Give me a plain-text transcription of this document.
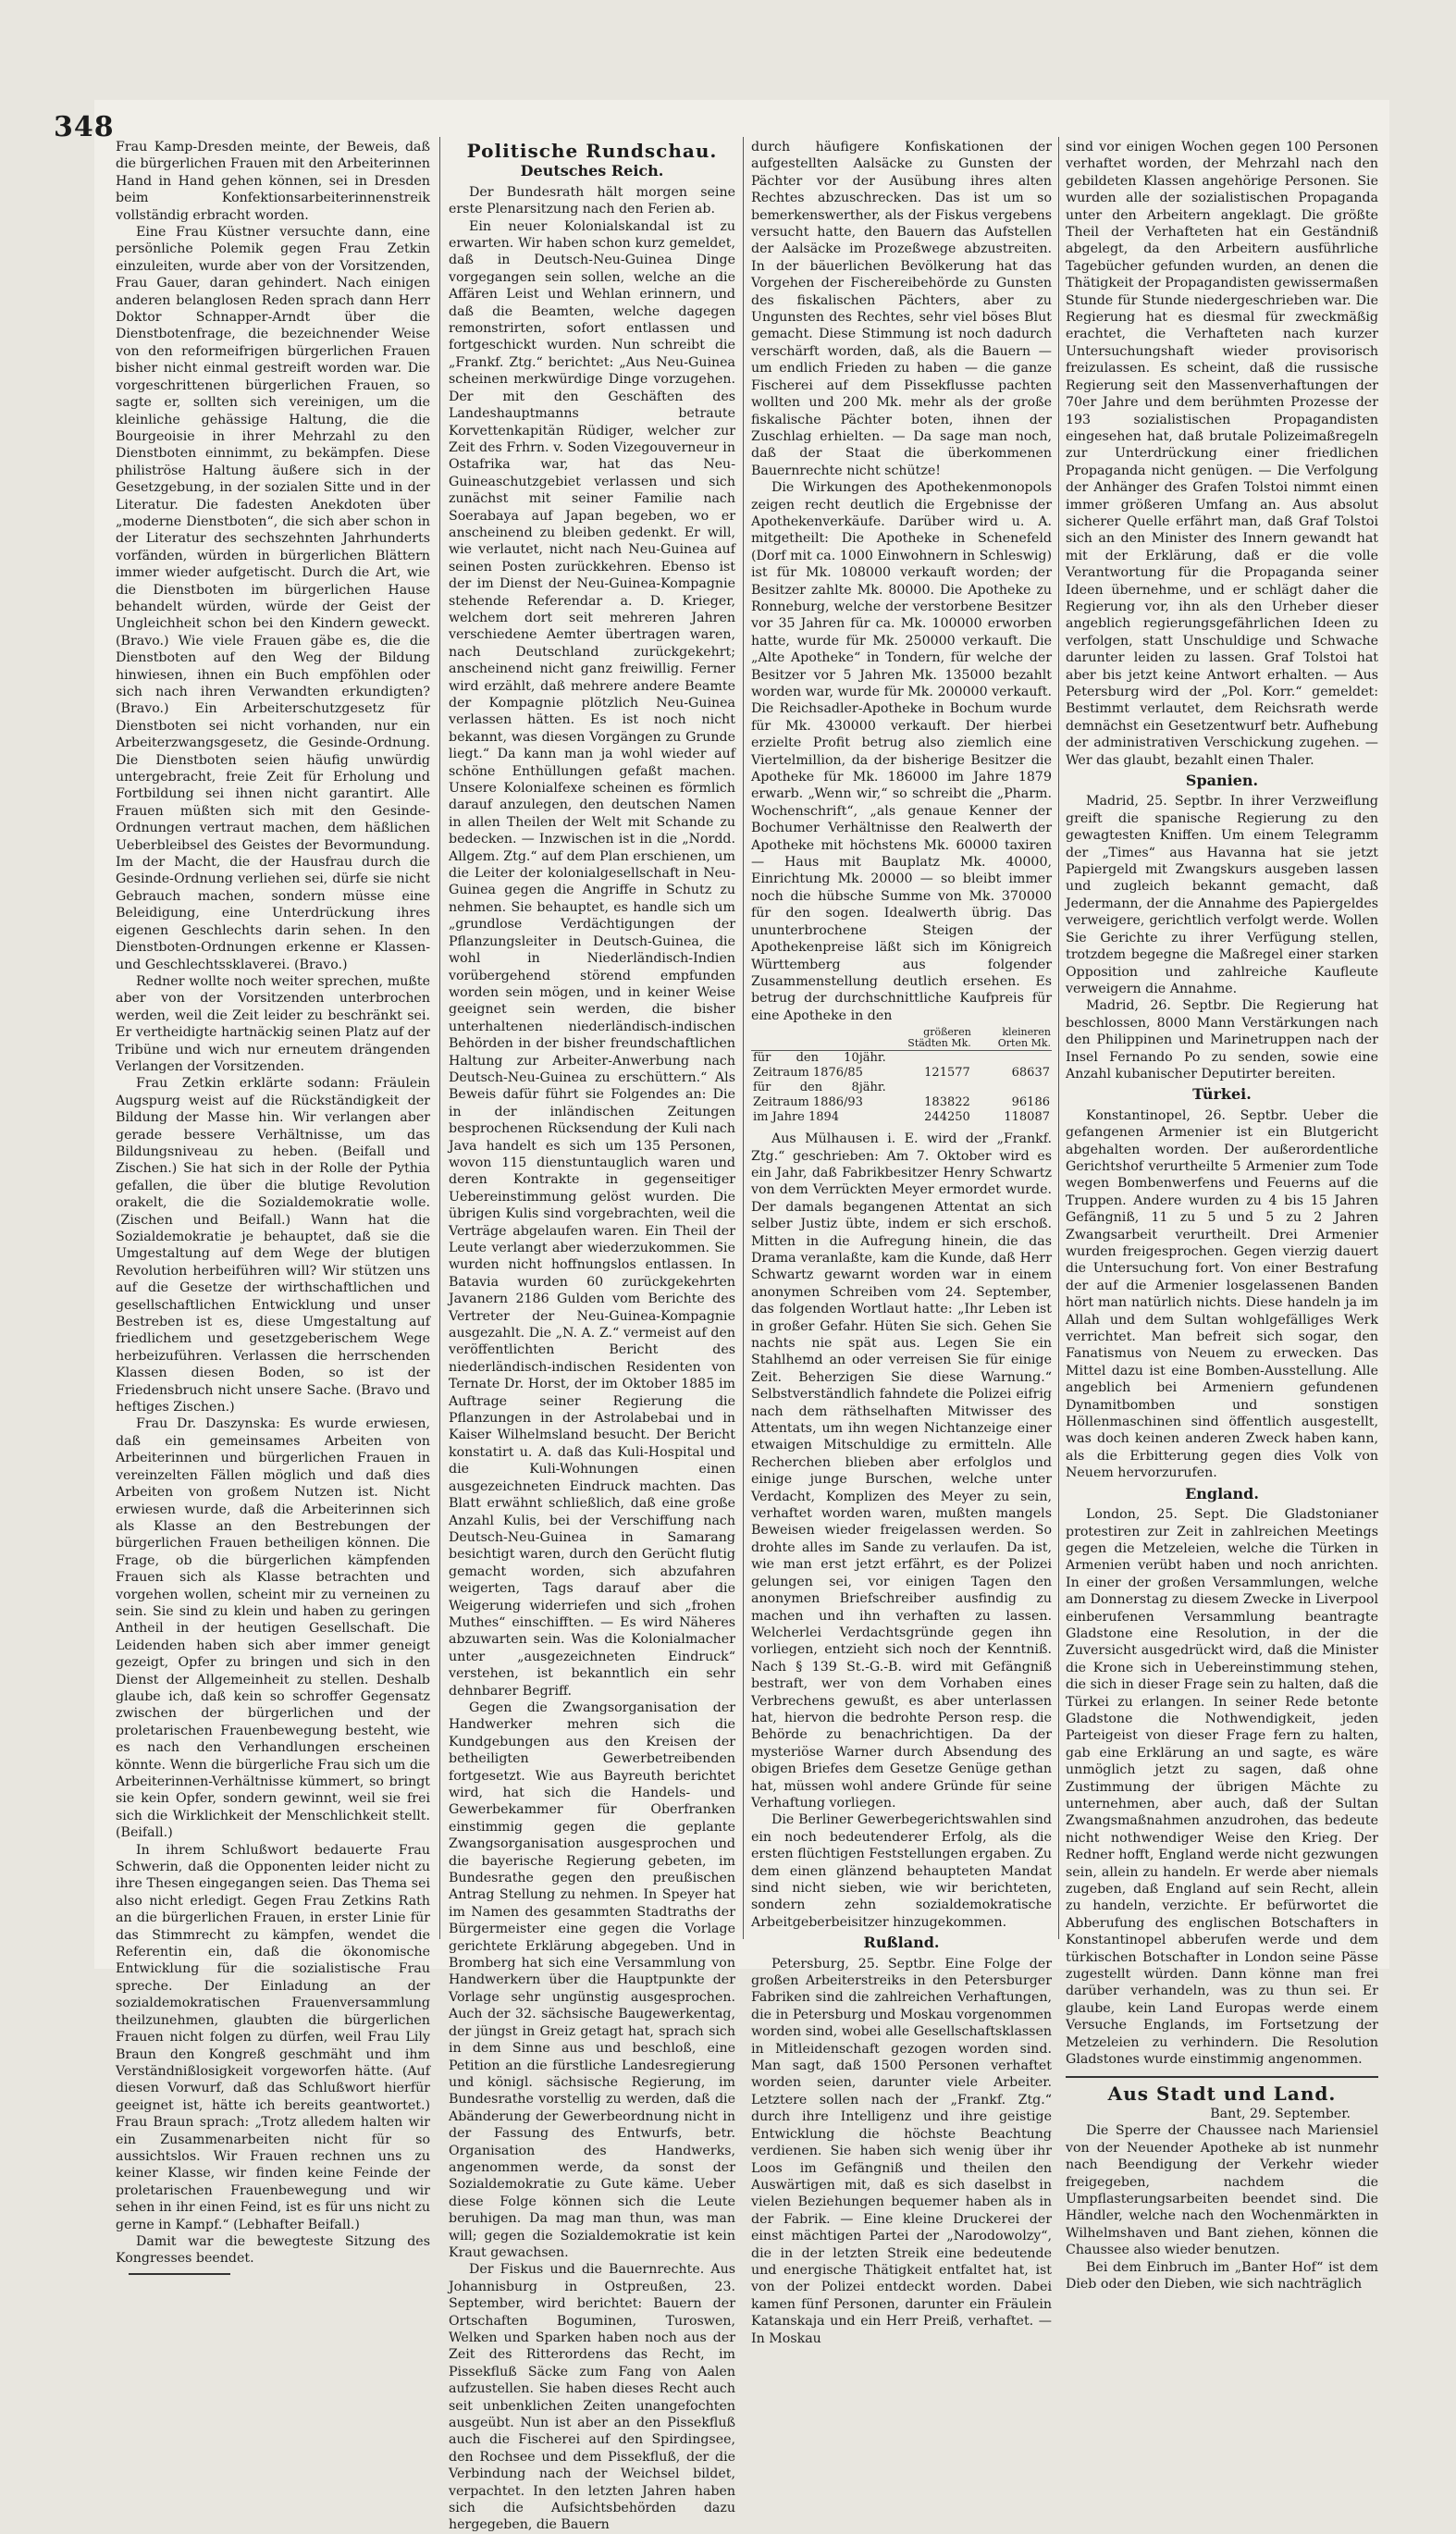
348

Frau Kamp-Dresden meinte, der Beweis, daß die bürgerlichen Frauen mit den Arbeiterinnen Hand in Hand gehen können, sei in Dresden beim Konfektionsarbeiterinnenstreik vollständig erbracht worden.

Eine Frau Küstner versuchte dann, eine persönliche Polemik gegen Frau Zetkin einzuleiten, wurde aber von der Vorsitzenden, Frau Gauer, daran gehindert. Nach einigen anderen belanglosen Reden sprach dann Herr Doktor Schnapper-Arndt über die Dienstbotenfrage, die bezeichnender Weise von den reformeifrigen bürgerlichen Frauen bisher nicht einmal gestreift worden war. Die vorgeschrittenen bürgerlichen Frauen, so sagte er, sollten sich vereinigen, um die kleinliche gehässige Haltung, die die Bourgeoisie in ihrer Mehrzahl zu den Dienstboten einnimmt, zu bekämpfen. Diese philiströse Haltung äußere sich in der Gesetzgebung, in der sozialen Sitte und in der Literatur. Die fadesten Anekdoten über „moderne Dienstboten“, die sich aber schon in der Literatur des sechszehnten Jahrhunderts vorfänden, würden in bürgerlichen Blättern immer wieder aufgetischt. Durch die Art, wie die Dienstboten im bürgerlichen Hause behandelt würden, würde der Geist der Ungleichheit schon bei den Kindern geweckt. (Bravo.) Wie viele Frauen gäbe es, die die Dienstboten auf den Weg der Bildung hinwiesen, ihnen ein Buch empföhlen oder sich nach ihren Verwandten erkundigten? (Bravo.) Ein Arbeiterschutzgesetz für Dienstboten sei nicht vorhanden, nur ein Arbeiterzwangsgesetz, die Gesinde-Ordnung. Die Dienstboten seien häufig unwürdig untergebracht, freie Zeit für Erholung und Fortbildung sei ihnen nicht garantirt. Alle Frauen müßten sich mit den Gesinde-Ordnungen vertraut machen, dem häßlichen Ueberbleibsel des Geistes der Bevormundung. Im der Macht, die der Hausfrau durch die Gesinde-Ordnung verliehen sei, dürfe sie nicht Gebrauch machen, sondern müsse eine Beleidigung, eine Unterdrückung ihres eigenen Geschlechts darin sehen. In den Dienstboten-Ordnungen erkenne er Klassen- und Geschlechtssklaverei. (Bravo.)

Redner wollte noch weiter sprechen, mußte aber von der Vorsitzenden unterbrochen werden, weil die Zeit leider zu beschränkt sei. Er vertheidigte hartnäckig seinen Platz auf der Tribüne und wich nur erneutem drängenden Verlangen der Vorsitzenden.

Frau Zetkin erklärte sodann: Fräulein Augspurg weist auf die Rückständigkeit der Bildung der Masse hin. Wir verlangen aber gerade bessere Verhältnisse, um das Bildungsniveau zu heben. (Beifall und Zischen.) Sie hat sich in der Rolle der Pythia gefallen, die über die blutige Revolution orakelt, die die Sozialdemokratie wolle. (Zischen und Beifall.) Wann hat die Sozialdemokratie je behauptet, daß sie die Umgestaltung auf dem Wege der blutigen Revolution herbeiführen will? Wir stützen uns auf die Gesetze der wirthschaftlichen und gesellschaftlichen Entwicklung und unser Bestreben ist es, diese Umgestaltung auf friedlichem und gesetzgeberischem Wege herbeizuführen. Verlassen die herrschenden Klassen diesen Boden, so ist der Friedensbruch nicht unsere Sache. (Bravo und heftiges Zischen.)

Frau Dr. Daszynska: Es wurde erwiesen, daß ein gemeinsames Arbeiten von Arbeiterinnen und bürgerlichen Frauen in vereinzelten Fällen möglich und daß dies Arbeiten von großem Nutzen ist. Nicht erwiesen wurde, daß die Arbeiterinnen sich als Klasse an den Bestrebungen der bürgerlichen Frauen betheiligen können. Die Frage, ob die bürgerlichen kämpfenden Frauen sich als Klasse betrachten und vorgehen wollen, scheint mir zu verneinen zu sein. Sie sind zu klein und haben zu geringen Antheil in der heutigen Gesellschaft. Die Leidenden haben sich aber immer geneigt gezeigt, Opfer zu bringen und sich in den Dienst der Allgemeinheit zu stellen. Deshalb glaube ich, daß kein so schroffer Gegensatz zwischen der bürgerlichen und der proletarischen Frauenbewegung besteht, wie es nach den Verhandlungen erscheinen könnte. Wenn die bürgerliche Frau sich um die Arbeiterinnen-Verhältnisse kümmert, so bringt sie kein Opfer, sondern gewinnt, weil sie frei sich die Wirklichkeit der Menschlichkeit stellt. (Beifall.)

In ihrem Schlußwort bedauerte Frau Schwerin, daß die Opponenten leider nicht zu ihre Thesen eingegangen seien. Das Thema sei also nicht erledigt. Gegen Frau Zetkins Rath an die bürgerlichen Frauen, in erster Linie für das Stimmrecht zu kämpfen, wendet die Referentin ein, daß die ökonomische Entwicklung für die sozialistische Frau spreche. Der Einladung an der sozialdemokratischen Frauenversammlung theilzunehmen, glaubten die bürgerlichen Frauen nicht folgen zu dürfen, weil Frau Lily Braun den Kongreß geschmäht und ihm Verständnißlosigkeit vorgeworfen hätte. (Auf diesen Vorwurf, daß das Schlußwort hierfür geeignet ist, hätte ich bereits geantwortet.) Frau Braun sprach: „Trotz alledem halten wir ein Zusammenarbeiten nicht für so aussichtslos. Wir Frauen rechnen uns zu keiner Klasse, wir finden keine Feinde der proletarischen Frauenbewegung und wir sehen in ihr einen Feind, ist es für uns nicht zu gerne in Kampf.“ (Lebhafter Beifall.)

Damit war die bewegteste Sitzung des Kongresses beendet.

Politische Rundschau.
Deutsches Reich.

Der Bundesrath hält morgen seine erste Plenarsitzung nach den Ferien ab.

Ein neuer Kolonialskandal ist zu erwarten. Wir haben schon kurz gemeldet, daß in Deutsch-Neu-Guinea Dinge vorgegangen sein sollen, welche an die Affären Leist und Wehlan erinnern, und daß die Beamten, welche dagegen remonstrirten, sofort entlassen und fortgeschickt wurden. Nun schreibt die „Frankf. Ztg.“ berichtet: „Aus Neu-Guinea scheinen merkwürdige Dinge vorzugehen. Der mit den Geschäften des Landeshauptmanns betraute Korvettenkapitän Rüdiger, welcher zur Zeit des Frhrn. v. Soden Vizegouverneur in Ostafrika war, hat das Neu-Guineaschutzgebiet verlassen und sich zunächst mit seiner Familie nach Soerabaya auf Japan begeben, wo er anscheinend zu bleiben gedenkt. Er will, wie verlautet, nicht nach Neu-Guinea auf seinen Posten zurückkehren. Ebenso ist der im Dienst der Neu-Guinea-Kompagnie stehende Referendar a. D. Krieger, welchem dort seit mehreren Jahren verschiedene Aemter übertragen waren, nach Deutschland zurückgekehrt; anscheinend nicht ganz freiwillig. Ferner wird erzählt, daß mehrere andere Beamte der Kompagnie plötzlich Neu-Guinea verlassen hätten. Es ist noch nicht bekannt, was diesen Vorgängen zu Grunde liegt.“ Da kann man ja wohl wieder auf schöne Enthüllungen gefaßt machen. Unsere Kolonialfexe scheinen es förmlich darauf anzulegen, den deutschen Namen in allen Theilen der Welt mit Schande zu bedecken. — Inzwischen ist in die „Nordd. Allgem. Ztg.“ auf dem Plan erschienen, um die Leiter der kolonialgesellschaft in Neu-Guinea gegen die Angriffe in Schutz zu nehmen. Sie behauptet, es handle sich um „grundlose Verdächtigungen der Pflanzungsleiter in Deutsch-Guinea, die wohl in Niederländisch-Indien vorübergehend störend empfunden worden sein mögen, und in keiner Weise geeignet sein werden, die bisher unterhaltenen niederländisch-indischen Behörden in der bisher freundschaftlichen Haltung zur Arbeiter-Anwerbung nach Deutsch-Neu-Guinea zu erschüttern.“ Als Beweis dafür führt sie Folgendes an: Die in der inländischen Zeitungen besprochenen Rücksendung der Kuli nach Java handelt es sich um 135 Personen, wovon 115 dienstuntauglich waren und deren Kontrakte in gegenseitiger Uebereinstimmung gelöst wurden. Die übrigen Kulis sind vorgebrachten, weil die Verträge abgelaufen waren. Ein Theil der Leute verlangt aber wiederzukommen. Sie wurden nicht hoffnungslos entlassen. In Batavia wurden 60 zurückgekehrten Javanern 2186 Gulden vom Berichte des Vertreter der Neu-Guinea-Kompagnie ausgezahlt. Die „N. A. Z.“ vermeist auf den veröffentlichten Bericht des niederländisch-indischen Residenten von Ternate Dr. Horst, der im Oktober 1885 im Auftrage seiner Regierung die Pflanzungen in der Astrolabebai und in Kaiser Wilhelmsland besucht. Der Bericht konstatirt u. A. daß das Kuli-Hospital und die Kuli-Wohnungen einen ausgezeichneten Eindruck machten. Das Blatt erwähnt schließlich, daß eine große Anzahl Kulis, bei der Verschiffung nach Deutsch-Neu-Guinea in Samarang besichtigt waren, durch den Gerücht flutig gemacht worden, sich abzufahren weigerten, Tags darauf aber die Weigerung widerriefen und sich „frohen Muthes“ einschifften. — Es wird Näheres abzuwarten sein. Was die Kolonialmacher unter „ausgezeichneten Eindruck“ verstehen, ist bekanntlich ein sehr dehnbarer Begriff.

Gegen die Zwangsorganisation der Handwerker mehren sich die Kundgebungen aus den Kreisen der betheiligten Gewerbetreibenden fortgesetzt. Wie aus Bayreuth berichtet wird, hat sich die Handels- und Gewerbekammer für Oberfranken einstimmig gegen die geplante Zwangsorganisation ausgesprochen und die bayerische Regierung gebeten, im Bundesrathe gegen den preußischen Antrag Stellung zu nehmen. In Speyer hat im Namen des gesammten Stadtraths der Bürgermeister eine gegen die Vorlage gerichtete Erklärung abgegeben. Und in Bromberg hat sich eine Versammlung von Handwerkern über die Hauptpunkte der Vorlage sehr ungünstig ausgesprochen. Auch der 32. sächsische Baugewerkentag, der jüngst in Greiz getagt hat, sprach sich in dem Sinne aus und beschloß, eine Petition an die fürstliche Landesregierung und königl. sächsische Regierung, im Bundesrathe vorstellig zu werden, daß die Abänderung der Gewerbeordnung nicht in der Fassung des Entwurfs, betr. Organisation des Handwerks, angenommen werde, da sonst der Sozialdemokratie zu Gute käme. Ueber diese Folge können sich die Leute beruhigen. Da mag man thun, was man will; gegen die Sozialdemokratie ist kein Kraut gewachsen.

Der Fiskus und die Bauernrechte. Aus Johannisburg in Ostpreußen, 23. September, wird berichtet: Bauern der Ortschaften Boguminen, Turoswen, Welken und Sparken haben noch aus der Zeit des Ritterordens das Recht, im Pissekfluß Säcke zum Fang von Aalen aufzustellen. Sie haben dieses Recht auch seit unbenklichen Zeiten unangefochten ausgeübt. Nun ist aber an den Pissekfluß auch die Fischerei auf den Spirdingsee, den Rochsee und dem Pissekfluß, der die Verbindung nach der Weichsel bildet, verpachtet. In den letzten Jahren haben sich die Aufsichtsbehörden dazu hergegeben, die Bauern

durch häufigere Konfiskationen der aufgestellten Aalsäcke zu Gunsten der Pächter vor der Ausübung ihres alten Rechtes abzuschrecken. Das ist um so bemerkenswerther, als der Fiskus vergebens versucht hatte, den Bauern das Aufstellen der Aalsäcke im Prozeßwege abzustreiten. In der bäuerlichen Bevölkerung hat das Vorgehen der Fischereibehörde zu Gunsten des fiskalischen Pächters, aber zu Ungunsten des Rechtes, sehr viel böses Blut gemacht. Diese Stimmung ist noch dadurch verschärft worden, daß, als die Bauern — um endlich Frieden zu haben — die ganze Fischerei auf dem Pissekflusse pachten wollten und 200 Mk. mehr als der große fiskalische Pächter boten, ihnen der Zuschlag erhielten. — Da sage man noch, daß der Staat die überkommenen Bauernrechte nicht schütze!

Die Wirkungen des Apothekenmonopols zeigen recht deutlich die Ergebnisse der Apothekenverkäufe. Darüber wird u. A. mitgetheilt: Die Apotheke in Schenefeld (Dorf mit ca. 1000 Einwohnern in Schleswig) ist für Mk. 108000 verkauft worden; der Besitzer zahlte Mk. 80000. Die Apotheke zu Ronneburg, welche der verstorbene Besitzer vor 35 Jahren für ca. Mk. 100000 erworben hatte, wurde für Mk. 250000 verkauft. Die „Alte Apotheke“ in Tondern, für welche der Besitzer vor 5 Jahren Mk. 135000 bezahlt worden war, wurde für Mk. 200000 verkauft. Die Reichsadler-Apotheke in Bochum wurde für Mk. 430000 verkauft. Der hierbei erzielte Profit betrug also ziemlich eine Viertelmillion, da der bisherige Besitzer die Apotheke für Mk. 186000 im Jahre 1879 erwarb. „Wenn wir,“ so schreibt die „Pharm. Wochenschrift“, „als genaue Kenner der Bochumer Verhältnisse den Realwerth der Apotheke mit höchstens Mk. 60000 taxiren — Haus mit Bauplatz Mk. 40000, Einrichtung Mk. 20000 — so bleibt immer noch die hübsche Summe von Mk. 370000 für den sogen. Idealwerth übrig. Das ununterbrochene Steigen der Apothekenpreise läßt sich im Königreich Württemberg aus folgender Zusammenstellung deutlich ersehen. Es betrug der durchschnittliche Kaufpreis für eine Apotheke in den

	größeren Städten Mk.	kleineren Orten Mk.
für den 10jähr. Zeitraum 1876/85	121577	68637
für den 8jähr. Zeitraum 1886/93	183822	96186
im Jahre 1894	244250	118087

Aus Mülhausen i. E. wird der „Frankf. Ztg.“ geschrieben: Am 7. Oktober wird es ein Jahr, daß Fabrikbesitzer Henry Schwartz von dem Verrückten Meyer ermordet wurde. Der damals begangenen Attentat an sich selber Justiz übte, indem er sich erschoß. Mitten in die Aufregung hinein, die das Drama veranlaßte, kam die Kunde, daß Herr Schwartz gewarnt worden war in einem anonymen Schreiben vom 24. September, das folgenden Wortlaut hatte: „Ihr Leben ist in großer Gefahr. Hüten Sie sich. Gehen Sie nachts nie spät aus. Legen Sie ein Stahlhemd an oder verreisen Sie für einige Zeit. Beherzigen Sie diese Warnung.“ Selbstverständlich fahndete die Polizei eifrig nach dem räthselhaften Mitwisser des Attentats, um ihn wegen Nichtanzeige einer etwaigen Mitschuldige zu ermitteln. Alle Recherchen blieben aber erfolglos und einige junge Burschen, welche unter Verdacht, Komplizen des Meyer zu sein, verhaftet worden waren, mußten mangels Beweisen wieder freigelassen werden. So drohte alles im Sande zu verlaufen. Da ist, wie man erst jetzt erfährt, es der Polizei gelungen sei, vor einigen Tagen den anonymen Briefschreiber ausfindig zu machen und ihn verhaften zu lassen. Welcherlei Verdachtsgründe gegen ihn vorliegen, entzieht sich noch der Kenntniß. Nach § 139 St.-G.-B. wird mit Gefängniß bestraft, wer von dem Vorhaben eines Verbrechens gewußt, es aber unterlassen hat, hiervon die bedrohte Person resp. die Behörde zu benachrichtigen. Da der mysteriöse Warner durch Absendung des obigen Briefes dem Gesetze Genüge gethan hat, müssen wohl andere Gründe für seine Verhaftung vorliegen.

Die Berliner Gewerbegerichtswahlen sind ein noch bedeutenderer Erfolg, als die ersten flüchtigen Feststellungen ergaben. Zu dem einen glänzend behaupteten Mandat sind nicht sieben, wie wir berichteten, sondern zehn sozialdemokratische Arbeitgeberbeisitzer hinzugekommen.

Rußland.

Petersburg, 25. Septbr. Eine Folge der großen Arbeiterstreiks in den Petersburger Fabriken sind die zahlreichen Verhaftungen, die in Petersburg und Moskau vorgenommen worden sind, wobei alle Gesellschaftsklassen in Mitleidenschaft gezogen worden sind. Man sagt, daß 1500 Personen verhaftet worden seien, darunter viele Arbeiter. Letztere sollen nach der „Frankf. Ztg.“ durch ihre Intelligenz und ihre geistige Entwicklung die höchste Beachtung verdienen. Sie haben sich wenig über ihr Loos im Gefängniß und theilen den Auswärtigen mit, daß es sich daselbst in vielen Beziehungen bequemer haben als in der Fabrik. — Eine kleine Druckerei der einst mächtigen Partei der „Narodowolzy“, die in der letzten Streik eine bedeutende und energische Thätigkeit entfaltet hat, ist von der Polizei entdeckt worden. Dabei kamen fünf Personen, darunter ein Fräulein Katanskaja und ein Herr Preiß, verhaftet. — In Moskau

sind vor einigen Wochen gegen 100 Personen verhaftet worden, der Mehrzahl nach den gebildeten Klassen angehörige Personen. Sie wurden alle der sozialistischen Propaganda unter den Arbeitern angeklagt. Die größte Theil der Verhafteten hat ein Geständniß abgelegt, da den Arbeitern ausführliche Tagebücher gefunden wurden, an denen die Thätigkeit der Propagandisten gewissermaßen Stunde für Stunde niedergeschrieben war. Die Regierung hat es diesmal für zweckmäßig erachtet, die Verhafteten nach kurzer Untersuchungshaft wieder provisorisch freizulassen. Es scheint, daß die russische Regierung seit den Massenverhaftungen der 70er Jahre und dem berühmten Prozesse der 193 sozialistischen Propagandisten eingesehen hat, daß brutale Polizeimaßregeln zur Unterdrückung einer friedlichen Propaganda nicht genügen. — Die Verfolgung der Anhänger des Grafen Tolstoi nimmt einen immer größeren Umfang an. Aus absolut sicherer Quelle erfährt man, daß Graf Tolstoi sich an den Minister des Innern gewandt hat mit der Erklärung, daß er die volle Verantwortung für die Propaganda seiner Ideen übernehme, und er schlägt daher die Regierung vor, ihn als den Urheber dieser angeblich regierungsgefährlichen Ideen zu verfolgen, statt Unschuldige und Schwache darunter leiden zu lassen. Graf Tolstoi hat aber bis jetzt keine Antwort erhalten. — Aus Petersburg wird der „Pol. Korr.“ gemeldet: Bestimmt verlautet, dem Reichsrath werde demnächst ein Gesetzentwurf betr. Aufhebung der administrativen Verschickung zugehen. — Wer das glaubt, bezahlt einen Thaler.

Spanien.

Madrid, 25. Septbr. In ihrer Verzweiflung greift die spanische Regierung zu den gewagtesten Kniffen. Um einem Telegramm der „Times“ aus Havanna hat sie jetzt Papiergeld mit Zwangskurs ausgeben lassen und zugleich bekannt gemacht, daß Jedermann, der die Annahme des Papiergeldes verweigere, gerichtlich verfolgt werde. Wollen Sie Gerichte zu ihrer Verfügung stellen, trotzdem begegne die Maßregel einer starken Opposition und zahlreiche Kaufleute verweigern die Annahme.

Madrid, 26. Septbr. Die Regierung hat beschlossen, 8000 Mann Verstärkungen nach den Philippinen und Marinetruppen nach der Insel Fernando Po zu senden, sowie eine Anzahl kubanischer Deputirter bereiten.

Türkei.

Konstantinopel, 26. Septbr. Ueber die gefangenen Armenier ist ein Blutgericht abgehalten worden. Der außerordentliche Gerichtshof verurtheilte 5 Armenier zum Tode wegen Bombenwerfens und Feuerns auf die Truppen. Andere wurden zu 4 bis 15 Jahren Gefängniß, 11 zu 5 und 5 zu 2 Jahren Zwangsarbeit verurtheilt. Drei Armenier wurden freigesprochen. Gegen vierzig dauert die Untersuchung fort. Von einer Bestrafung der auf die Armenier losgelassenen Banden hört man natürlich nichts. Diese handeln ja im Allah und dem Sultan wohlgefälliges Werk verrichtet. Man befreit sich sogar, den Fanatismus von Neuem zu erwecken. Das Mittel dazu ist eine Bomben-Ausstellung. Alle angeblich bei Armeniern gefundenen Dynamitbomben und sonstigen Höllenmaschinen sind öffentlich ausgestellt, was doch keinen anderen Zweck haben kann, als die Erbitterung gegen dies Volk von Neuem hervorzurufen.

England.

London, 25. Sept. Die Gladstonianer protestiren zur Zeit in zahlreichen Meetings gegen die Metzeleien, welche die Türken in Armenien verübt haben und noch anrichten. In einer der großen Versammlungen, welche am Donnerstag zu diesem Zwecke in Liverpool einberufenen Versammlung beantragte Gladstone eine Resolution, in der die Zuversicht ausgedrückt wird, daß die Minister die Krone sich in Uebereinstimmung stehen, die sich in dieser Frage sein zu halten, daß die Türkei zu erlangen. In seiner Rede betonte Gladstone die Nothwendigkeit, jeden Parteigeist von dieser Frage fern zu halten, gab eine Erklärung an und sagte, es wäre unmöglich jetzt zu sagen, daß ohne Zustimmung der übrigen Mächte zu unternehmen, aber auch, daß der Sultan Zwangsmaßnahmen anzudrohen, das bedeute nicht nothwendiger Weise den Krieg. Der Redner hofft, England werde nicht gezwungen sein, allein zu handeln. Er werde aber niemals zugeben, daß England auf sein Recht, allein zu handeln, verzichte. Er befürwortet die Abberufung des englischen Botschafters in Konstantinopel abberufen werde und dem türkischen Botschafter in London seine Pässe zugestellt würden. Dann könne man frei darüber verhandeln, was zu thun sei. Er glaube, kein Land Europas werde einem Versuche Englands, im Fortsetzung der Metzeleien zu verhindern. Die Resolution Gladstones wurde einstimmig angenommen.

Aus Stadt und Land.
Bant, 29. September.

Die Sperre der Chaussee nach Mariensiel von der Neuender Apotheke ab ist nunmehr nach Beendigung der Verkehr wieder freigegeben, nachdem die Umpflasterungsarbeiten beendet sind. Die Händler, welche nach den Wochenmärkten in Wilhelmshaven und Bant ziehen, können die Chaussee also wieder benutzen.

Bei dem Einbruch im „Banter Hof“ ist dem Dieb oder den Dieben, wie sich nachträglich
